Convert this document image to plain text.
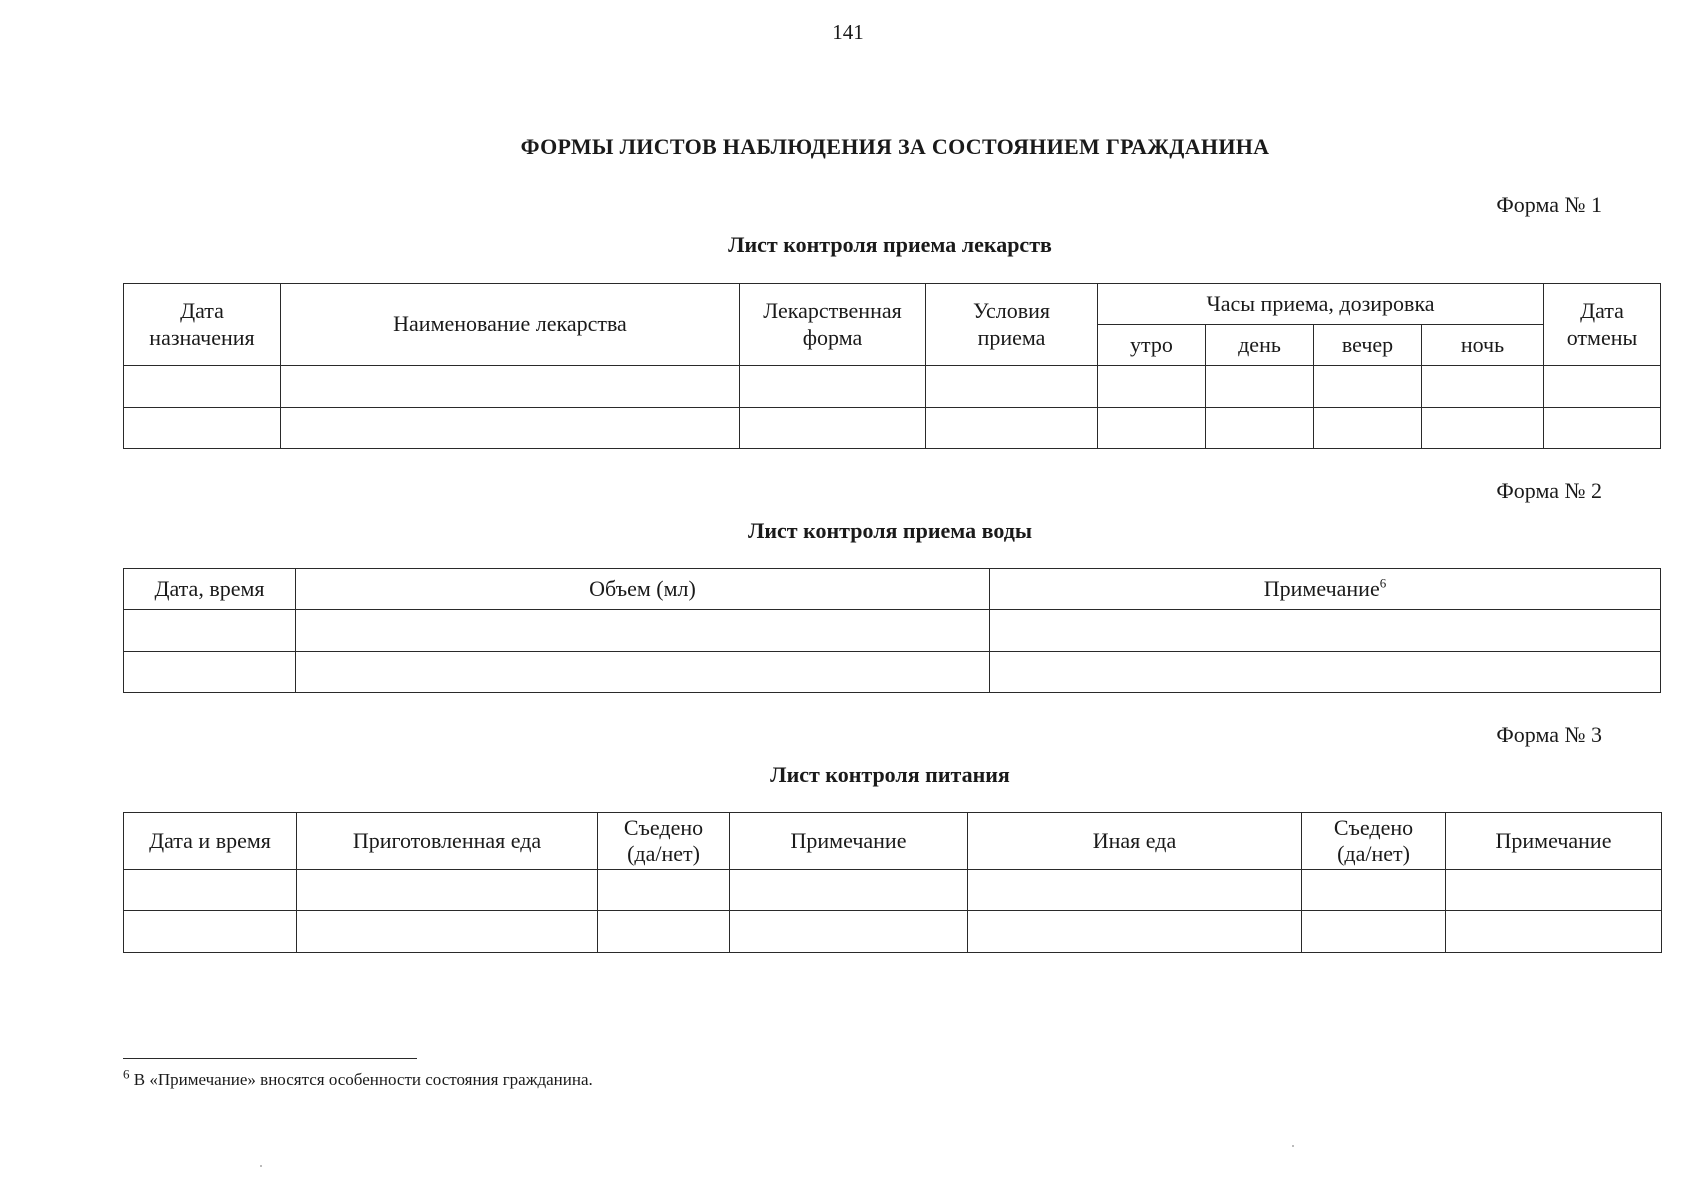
141
ФОРМЫ ЛИСТОВ НАБЛЮДЕНИЯ ЗА СОСТОЯНИЕМ ГРАЖДАНИНА
Форма № 1
Лист контроля приема лекарств
Дата назначения	Наименование лекарства	Лекарственная форма	Условия приема	Часы приема, дозировка				Дата отмены
				утро	день	вечер	ночь	

Форма № 2
Лист контроля приема воды
Дата, время	Объем (мл)	Примечание$^6$

Форма № 3
Лист контроля питания
Дата и время	Приготовленная еда	Съедено (да/нет)	Примечание	Иная еда	Съедено (да/нет)	Примечание

$^6$ В «Примечание» вносятся особенности состояния гражданина.
